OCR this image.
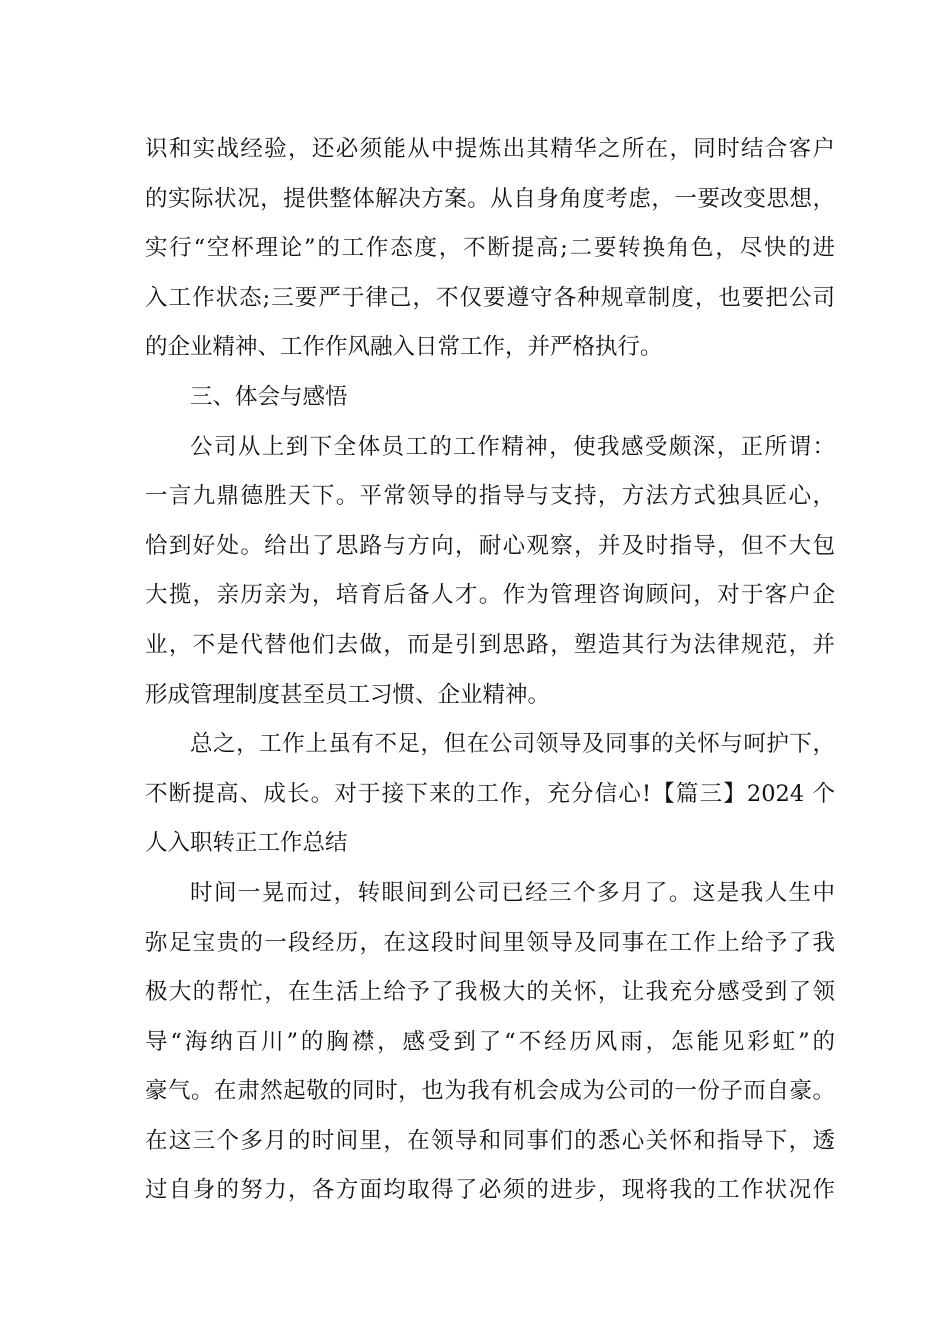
识和实战经验，还必须能从中提炼出其精华之所在，同时结合客户
的实际状况，提供整体解决方案。从自身角度考虑，一要改变思想，
实行“空杯理论”的工作态度，不断提高;二要转换角色，尽快的进
入工作状态;三要严于律己，不仅要遵守各种规章制度，也要把公司
的企业精神、工作作风融入日常工作，并严格执行。
三、体会与感悟
公司从上到下全体员工的工作精神，使我感受颇深，正所谓：
一言九鼎德胜天下。平常领导的指导与支持，方法方式独具匠心，
恰到好处。给出了思路与方向，耐心观察，并及时指导，但不大包
大揽，亲历亲为，培育后备人才。作为管理咨询顾问，对于客户企
业，不是代替他们去做，而是引到思路，塑造其行为法律规范，并
形成管理制度甚至员工习惯、企业精神。
总之，工作上虽有不足，但在公司领导及同事的关怀与呵护下，
不断提高、成长。对于接下来的工作，充分信心!【篇三】2024 个
人入职转正工作总结
时间一晃而过，转眼间到公司已经三个多月了。这是我人生中
弥足宝贵的一段经历，在这段时间里领导及同事在工作上给予了我
极大的帮忙，在生活上给予了我极大的关怀，让我充分感受到了领
导“海纳百川”的胸襟，感受到了“不经历风雨，怎能见彩虹”的
豪气。在肃然起敬的同时，也为我有机会成为公司的一份子而自豪。
在这三个多月的时间里，在领导和同事们的悉心关怀和指导下，透
过自身的努力，各方面均取得了必须的进步，现将我的工作状况作
